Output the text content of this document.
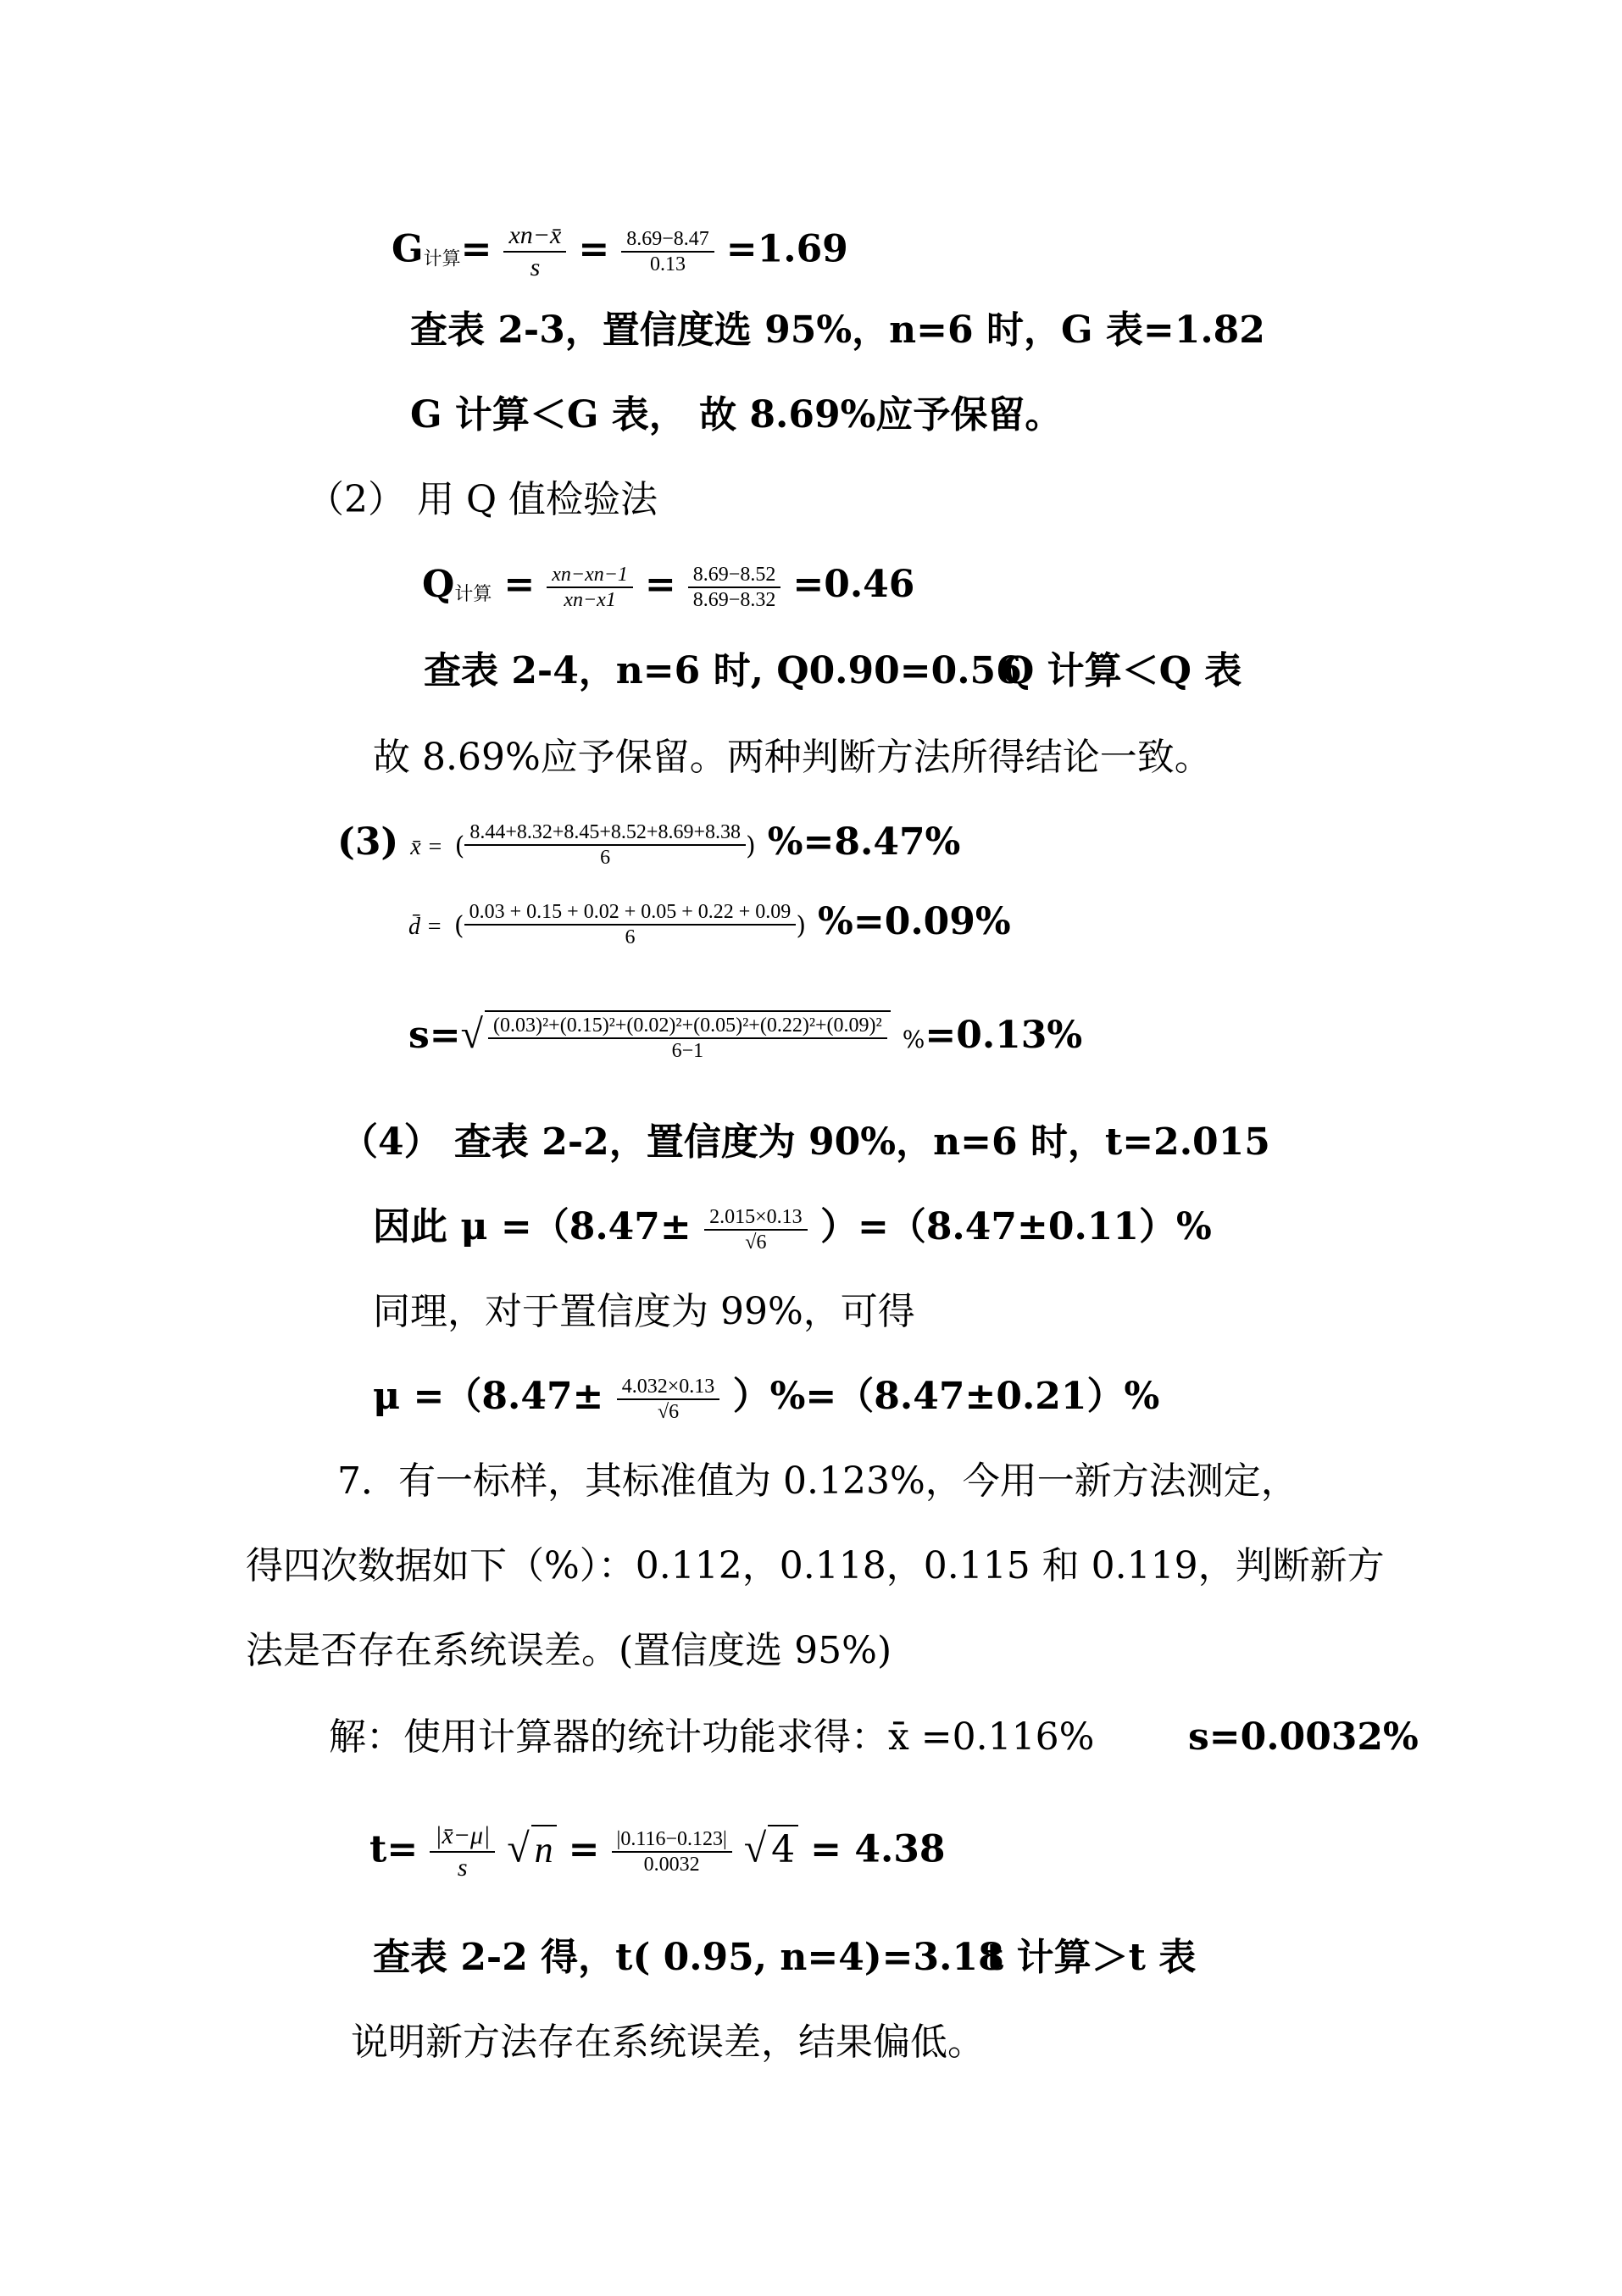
G计算= $\frac{xn-x̄}{s} = \frac{8.69-8.47}{0.13} =1.69$
查表 2-3，置信度选 95%，n=6 时，G 表=1.82
G 计算＜G 表， 故 8.69%应予保留。
（2） 用 Q 值检验法
Q计算 = $\frac{xn-xn-1}{xn-x1} = \frac{8.69-8.52}{8.69-8.32} =0.46$
查表 2-4，n=6 时, Q0.90=0.56
Q 计算＜Q 表
故 8.69%应予保留。两种判断方法所得结论一致。
(3) x̄ = ( $\frac{8.44+8.32+8.45+8.52+8.69+8.38}{6}$ ) %=8.47%
d̄ = ( $\frac{0.03 + 0.15 + 0.02 + 0.05 + 0.22 + 0.09}{6}$ ) %=0.09%
$s=√ \frac{\text{(0.03)²+(0.15)²+(0.02)²+(0.05)²+(0.22)²+(0.09)²}}{6-1} \%=0.13\%$
（4） 查表 2-2，置信度为 90%，n=6 时，t=2.015
因此 $\mu =(8.47\pm \frac{2.015\times 0.13}{√6} )=(8.47\pm 0.11)\%$
同理，对于置信度为 99%，可得
$\mu =(8.47\pm \frac{4.032\times 0.13}{√6} )\%=(8.47\pm 0.21)\%$
7．有一标样，其标准值为 0.123%，今用一新方法测定，
得四次数据如下（%）：0.112，0.118，0.115 和 0.119，判断新方
法是否存在系统误差。(置信度选 95%)
解：使用计算器的统计功能求得：x̄ =0.116%	s=0.0032%
$t= \frac{|x̄-\mu|}{s}$ √ $n = \frac{|0.116-0.123|}{0.0032}$ √ 4 = 4.38
查表 2-2 得，t( 0.95, n=4)=3.18
t 计算＞t 表
说明新方法存在系统误差，结果偏低。
